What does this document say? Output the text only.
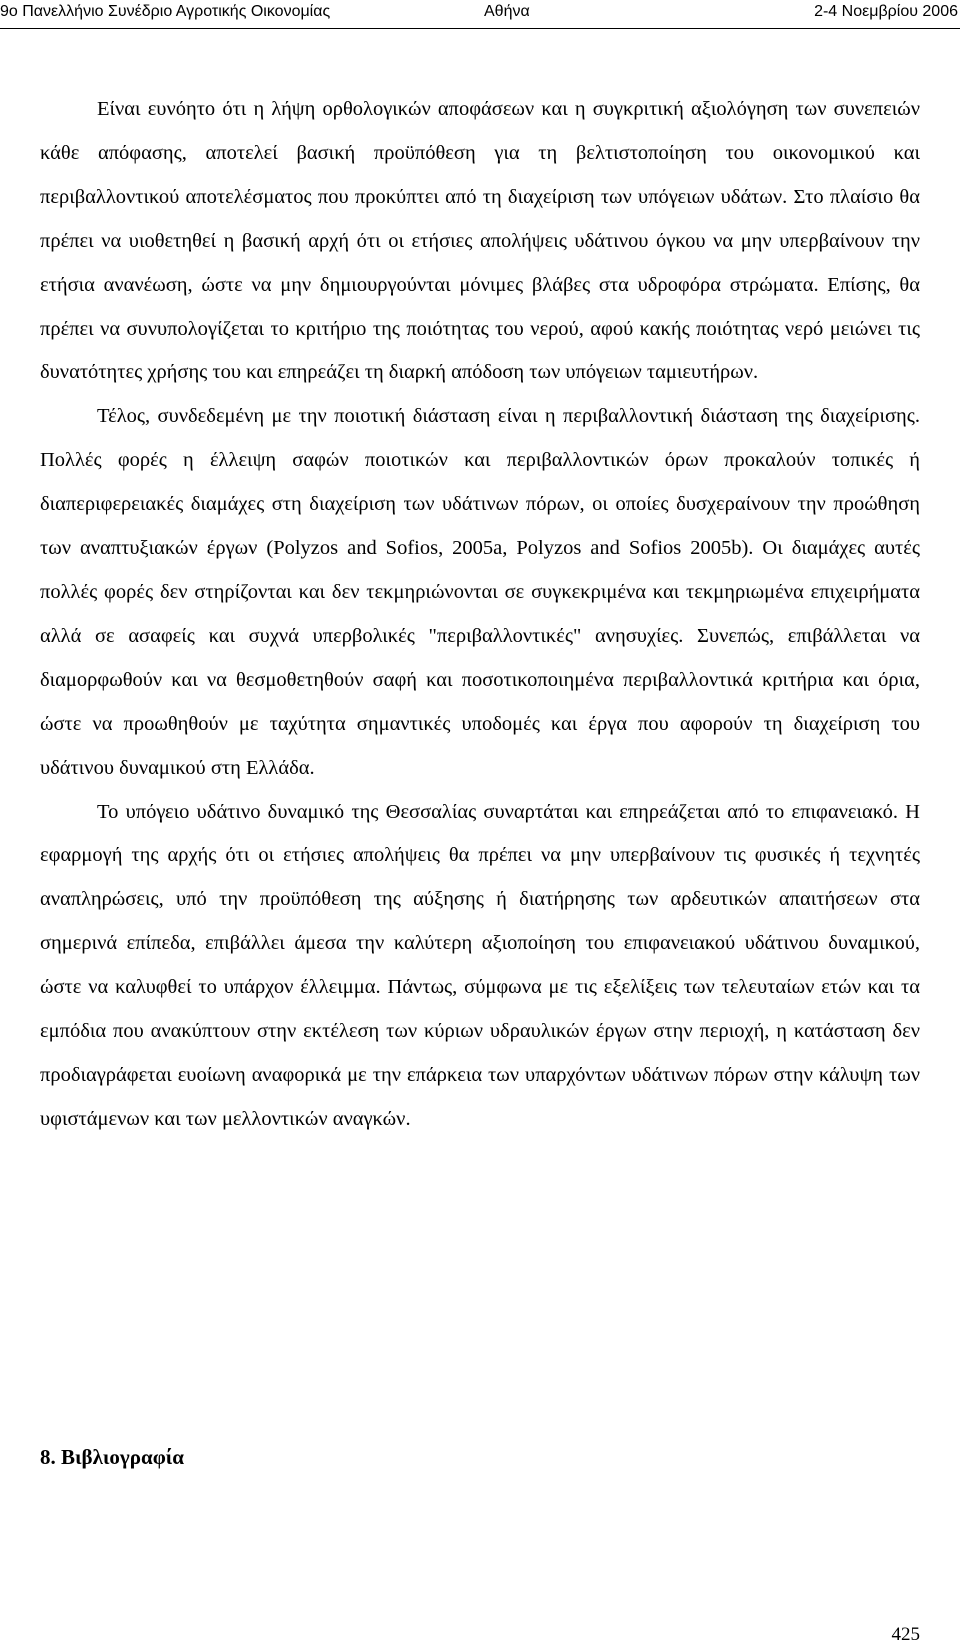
9ο Πανελλήνιο Συνέδριο Αγροτικής Οικονομίας	Αθήνα	2-4 Νοεμβρίου 2006

Είναι ευνόητο ότι η λήψη ορθολογικών αποφάσεων και η συγκριτική αξιολόγηση των συνεπειών κάθε απόφασης, αποτελεί βασική προϋπόθεση για τη βελτιστοποίηση του οικονομικού και περιβαλλοντικού αποτελέσματος που προκύπτει από τη διαχείριση των υπόγειων υδάτων. Στο πλαίσιο θα πρέπει να υιοθετηθεί η βασική αρχή ότι οι ετήσιες απολήψεις υδάτινου όγκου να μην υπερβαίνουν την ετήσια ανανέωση, ώστε να μην δημιουργούνται μόνιμες βλάβες στα υδροφόρα στρώματα. Επίσης, θα πρέπει να συνυπολογίζεται το κριτήριο της ποιότητας του νερού, αφού κακής ποιότητας νερό μειώνει τις δυνατότητες χρήσης του και επηρεάζει τη διαρκή απόδοση των υπόγειων ταμιευτήρων.

Τέλος, συνδεδεμένη με την ποιοτική διάσταση είναι η περιβαλλοντική διάσταση της διαχείρισης. Πολλές φορές η έλλειψη σαφών ποιοτικών και περιβαλλοντικών όρων προκαλούν τοπικές ή διαπεριφερειακές διαμάχες στη διαχείριση των υδάτινων πόρων, οι οποίες δυσχεραίνουν την προώθηση των αναπτυξιακών έργων (Polyzos and Sofios, 2005a, Polyzos and Sofios 2005b). Οι διαμάχες αυτές πολλές φορές δεν στηρίζονται και δεν τεκμηριώνονται σε συγκεκριμένα και τεκμηριωμένα επιχειρήματα αλλά σε ασαφείς και συχνά υπερβολικές "περιβαλλοντικές" ανησυχίες. Συνεπώς, επιβάλλεται να διαμορφωθούν και να θεσμοθετηθούν σαφή και ποσοτικοποιημένα περιβαλλοντικά κριτήρια και όρια, ώστε να προωθηθούν με ταχύτητα σημαντικές υποδομές και έργα που αφορούν τη διαχείριση του υδάτινου δυναμικού στη Ελλάδα.

Το υπόγειο υδάτινο δυναμικό της Θεσσαλίας συναρτάται και επηρεάζεται από το επιφανειακό. Η εφαρμογή της αρχής ότι οι ετήσιες απολήψεις θα πρέπει να μην υπερβαίνουν τις φυσικές ή τεχνητές αναπληρώσεις, υπό την προϋπόθεση της αύξησης ή διατήρησης των αρδευτικών απαιτήσεων στα σημερινά επίπεδα, επιβάλλει άμεσα την καλύτερη αξιοποίηση του επιφανειακού υδάτινου δυναμικού, ώστε να καλυφθεί το υπάρχον έλλειμμα. Πάντως, σύμφωνα με τις εξελίξεις των τελευταίων ετών και τα εμπόδια που ανακύπτουν στην εκτέλεση των κύριων υδραυλικών έργων στην περιοχή, η κατάσταση δεν προδιαγράφεται ευοίωνη αναφορικά με την επάρκεια των υπαρχόντων υδάτινων πόρων στην κάλυψη των υφιστάμενων και των μελλοντικών αναγκών.

8. Βιβλιογραφία
425
